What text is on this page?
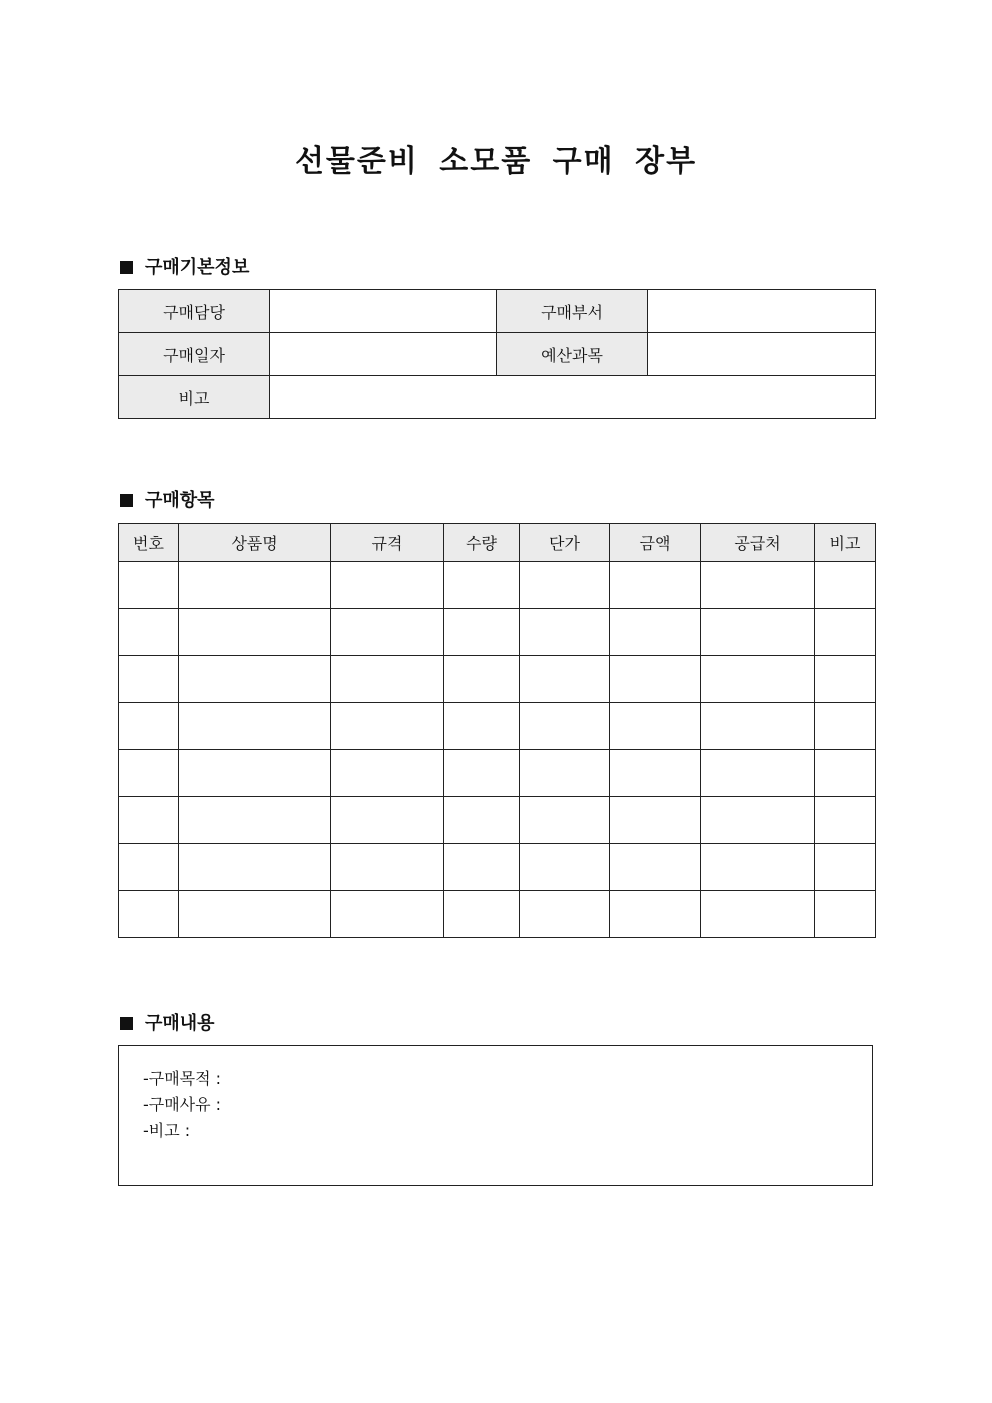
선물준비 소모품 구매 장부
구매기본정보
구매담당		구매부서	
구매일자		예산과목	
비고			
구매항목
번호	상품명	규격	수량	단가	금액	공급처	비고

구매내용
-구매목적 :
-구매사유 :
-비고 :
